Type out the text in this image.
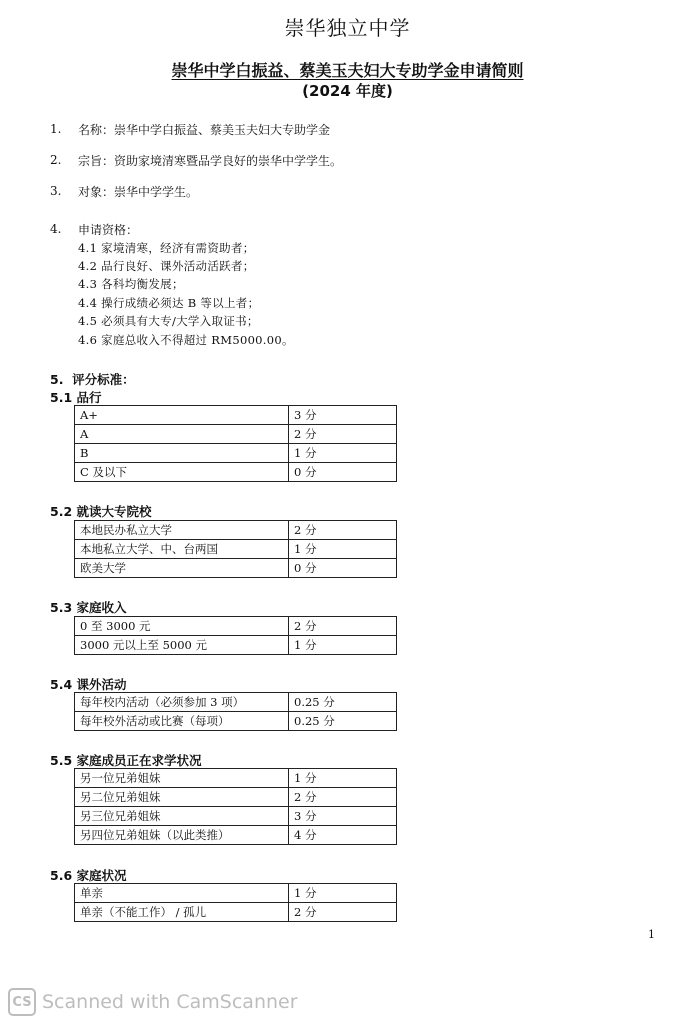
崇华独立中学
崇华中学白振益、蔡美玉夫妇大专助学金申请简则
(2024 年度)
1. 名称：崇华中学白振益、蔡美玉夫妇大专助学金
2. 宗旨：资助家境清寒暨品学良好的崇华中学学生。
3. 对象：崇华中学学生。
4. 申请资格：
4.1 家境清寒，经济有需资助者；
4.2 品行良好、课外活动活跃者；
4.3 各科均衡发展；
4.4 操行成绩必须达 B 等以上者；
4.5 必须具有大专/大学入取证书；
4.6 家庭总收入不得超过 RM5000.00。
5. 评分标准：
5.1 品行
A+	3 分
A	2 分
B	1 分
C 及以下	0 分
5.2 就读大专院校
本地民办私立大学	2 分
本地私立大学、中、台两国	1 分
欧美大学	0 分
5.3 家庭收入
0 至 3000 元	2 分
3000 元以上至 5000 元	1 分
5.4 课外活动
每年校内活动（必须参加 3 项）	0.25 分
每年校外活动或比赛（每项）	0.25 分
5.5 家庭成员正在求学状况
另一位兄弟姐妹	1 分
另二位兄弟姐妹	2 分
另三位兄弟姐妹	3 分
另四位兄弟姐妹（以此类推）	4 分
5.6 家庭状况
单亲	1 分
单亲（不能工作） / 孤儿	2 分
1
CS Scanned with CamScanner
